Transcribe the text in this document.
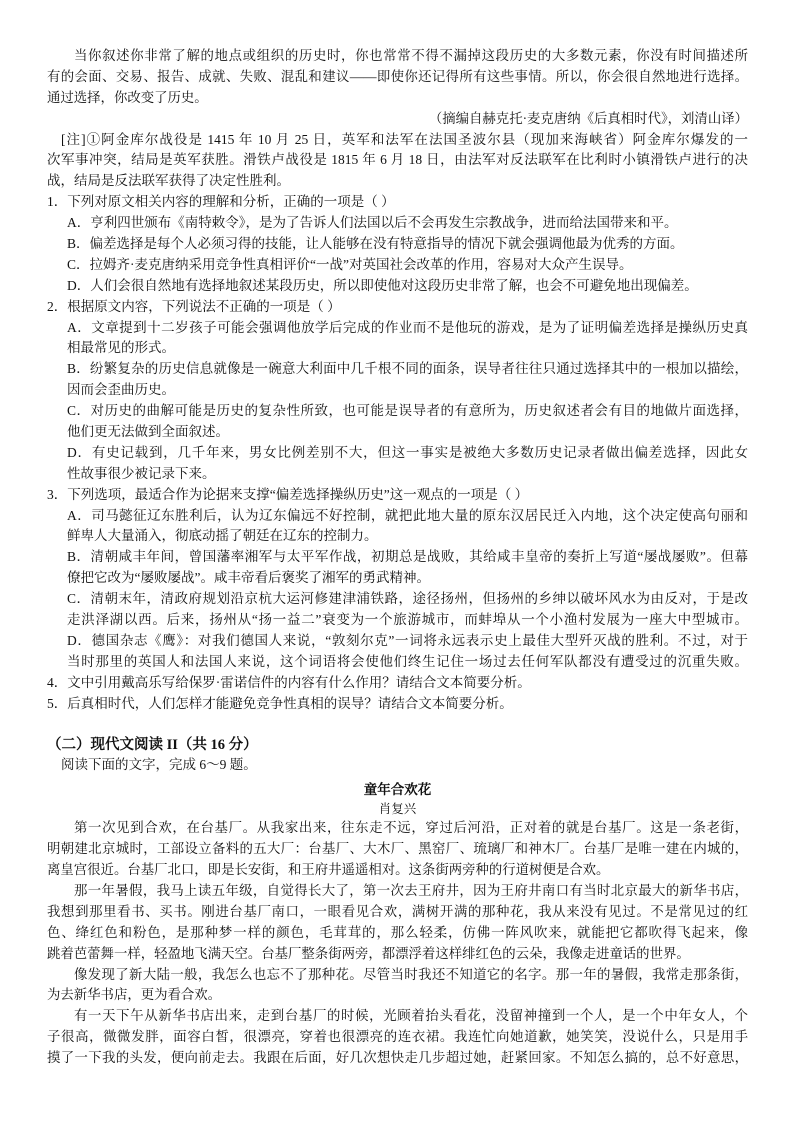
当你叙述你非常了解的地点或组织的历史时，你也常常不得不漏掉这段历史的大多数元素，你没有时间描述所
有的会面、交易、报告、成就、失败、混乱和建议——即使你还记得所有这些事情。所以，你会很自然地进行选择。
通过选择，你改变了历史。
（摘编自赫克托·麦克唐纳《后真相时代》，刘清山译）
[注]①阿金库尔战役是 1415 年 10 月 25 日，英军和法军在法国圣波尔县（现加来海峡省）阿金库尔爆发的一
次军事冲突，结局是英军获胜。滑铁卢战役是 1815 年 6 月 18 日，由法军对反法联军在比利时小镇滑铁卢进行的决
战，结局是反法联军获得了决定性胜利。
1．下列对原文相关内容的理解和分析，正确的一项是（ ）
A．亨利四世颁布《南特敕令》，是为了告诉人们法国以后不会再发生宗教战争，进而给法国带来和平。
B．偏差选择是每个人必须习得的技能，让人能够在没有特意指导的情况下就会强调他最为优秀的方面。
C．拉姆齐·麦克唐纳采用竞争性真相评价“一战”对英国社会改革的作用，容易对大众产生误导。
D．人们会很自然地有选择地叙述某段历史，所以即使他对这段历史非常了解，也会不可避免地出现偏差。
2．根据原文内容，下列说法不正确的一项是（ ）
A．文章提到十二岁孩子可能会强调他放学后完成的作业而不是他玩的游戏，是为了证明偏差选择是操纵历史真
相最常见的形式。
B．纷繁复杂的历史信息就像是一碗意大利面中几千根不同的面条，误导者往往只通过选择其中的一根加以描绘，
因而会歪曲历史。
C．对历史的曲解可能是历史的复杂性所致，也可能是误导者的有意所为，历史叙述者会有目的地做片面选择，
他们更无法做到全面叙述。
D．有史记载到，几千年来，男女比例差别不大，但这一事实是被绝大多数历史记录者做出偏差选择，因此女
性故事很少被记录下来。
3．下列选项，最适合作为论据来支撑“偏差选择操纵历史”这一观点的一项是（ ）
A．司马懿征辽东胜利后，认为辽东偏远不好控制，就把此地大量的原东汉居民迁入内地，这个决定使高句丽和
鲜卑人大量涌入，彻底动摇了朝廷在辽东的控制力。
B．清朝咸丰年间，曾国藩率湘军与太平军作战，初期总是战败，其给咸丰皇帝的奏折上写道“屡战屡败”。但幕
僚把它改为“屡败屡战”。咸丰帝看后褒奖了湘军的勇武精神。
C．清朝末年，清政府规划沿京杭大运河修建津浦铁路，途径扬州，但扬州的乡绅以破坏风水为由反对，于是改
走洪泽湖以西。后来，扬州从“扬一益二”衰变为一个旅游城市，而蚌埠从一个小渔村发展为一座大中型城市。
D．德国杂志《鹰》：对我们德国人来说，“敦刻尔克”一词将永远表示史上最佳大型歼灭战的胜利。不过，对于
当时那里的英国人和法国人来说，这个词语将会使他们终生记住一场过去任何军队都没有遭受过的沉重失败。
4．文中引用戴高乐写给保罗·雷诺信件的内容有什么作用？请结合文本简要分析。
5．后真相时代，人们怎样才能避免竞争性真相的误导？请结合文本简要分析。
（二）现代文阅读 II（共 16 分）
阅读下面的文字，完成 6～9 题。
童年合欢花
肖复兴
第一次见到合欢，在台基厂。从我家出来，往东走不远，穿过后河沿，正对着的就是台基厂。这是一条老街，
明朝建北京城时，工部设立备料的五大厂：台基厂、大木厂、黑窑厂、琉璃厂和神木厂。台基厂是唯一建在内城的，
离皇宫很近。台基厂北口，即是长安街，和王府井遥遥相对。这条街两旁种的行道树便是合欢。
那一年暑假，我马上读五年级，自觉得长大了，第一次去王府井，因为王府井南口有当时北京最大的新华书店，
我想到那里看书、买书。刚进台基厂南口，一眼看见合欢，满树开满的那种花，我从来没有见过。不是常见过的红
色、绛红色和粉色，是那种梦一样的颜色，毛茸茸的，那么轻柔，仿佛一阵风吹来，就能把它都吹得飞起来，像
跳着芭蕾舞一样，轻盈地飞满天空。台基厂整条街两旁，都漂浮着这样绯红色的云朵，我像走进童话的世界。
像发现了新大陆一般，我怎么也忘不了那种花。尽管当时我还不知道它的名字。那一年的暑假，我常走那条街，
为去新华书店，更为看合欢。
有一天下午从新华书店出来，走到台基厂的时候，光顾着抬头看花，没留神撞到一个人，是一个中年女人，个
子很高，微微发胖，面容白皙，很漂亮，穿着也很漂亮的连衣裙。我连忙向她道歉，她笑笑，没说什么，只是用手
摸了一下我的头发，便向前走去。我跟在后面，好几次想快走几步超过她，赶紧回家。不知怎么搞的，总不好意思，
